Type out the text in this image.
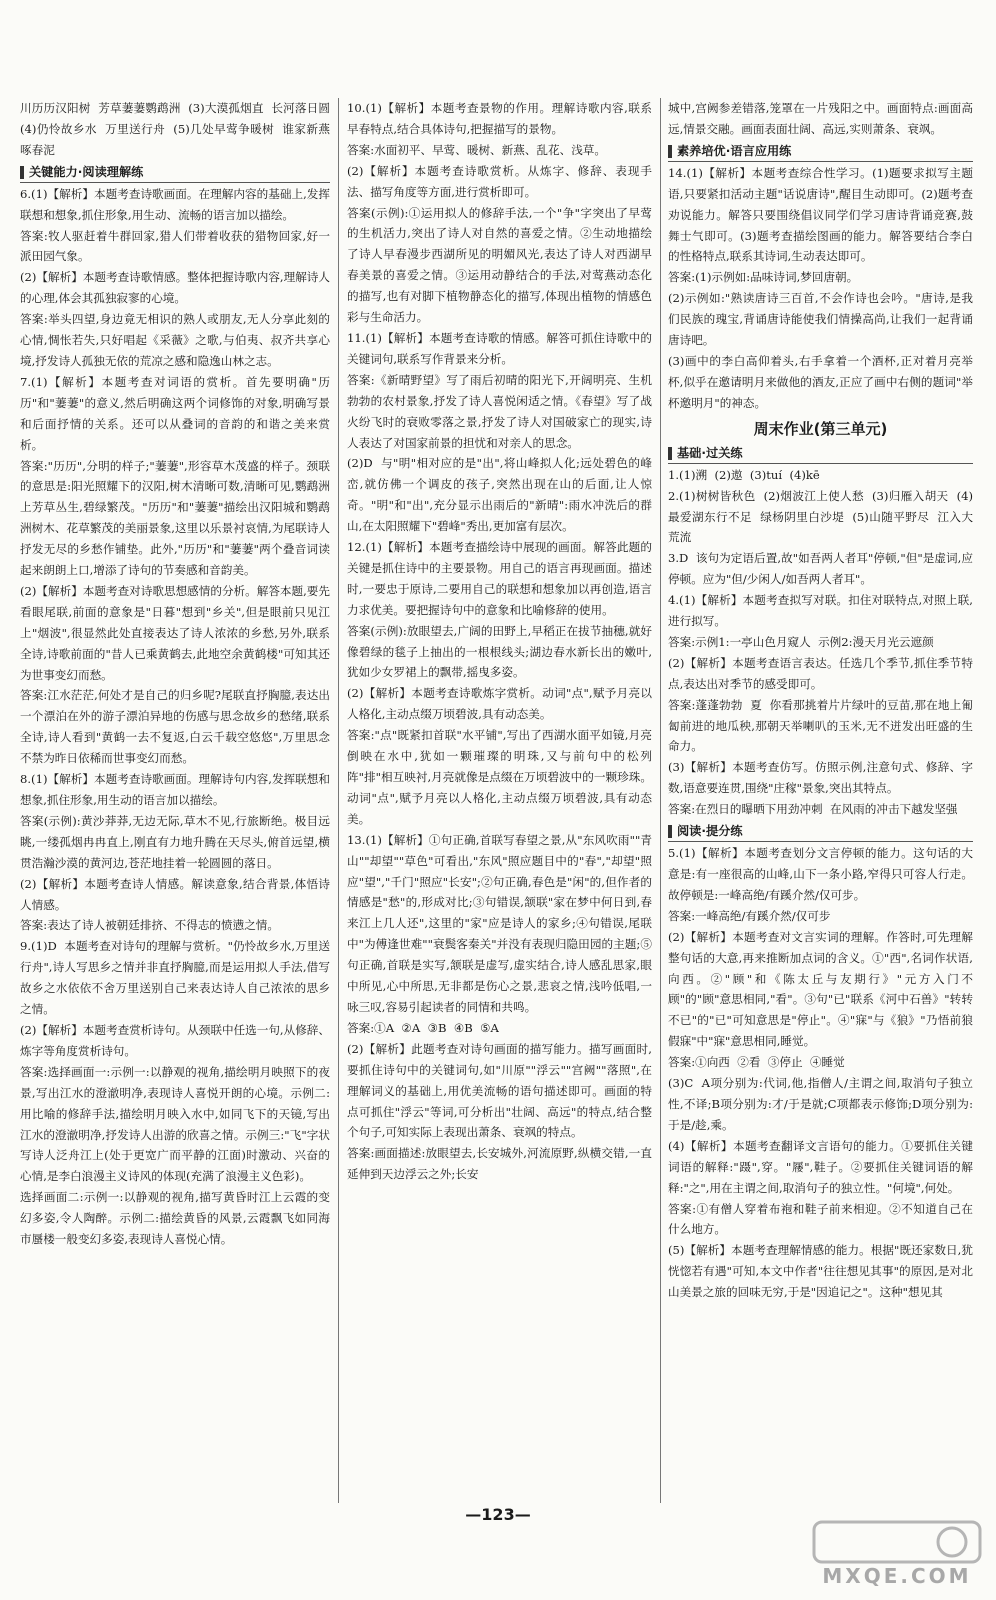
川历历汉阳树  芳草萋萋鹦鹉洲  (3)大漠孤烟直  长河落日圆  (4)仍怜故乡水  万里送行舟  (5)几处早莺争暖树  谁家新燕啄春泥
关键能力·阅读理解练
6.(1)【解析】本题考查诗歌画面。在理解内容的基础上,发挥联想和想象,抓住形象,用生动、流畅的语言加以描绘。
答案:牧人驱赶着牛群回家,猎人们带着收获的猎物回家,好一派田园气象。
(2)【解析】本题考查诗歌情感。整体把握诗歌内容,理解诗人的心理,体会其孤独寂寥的心境。
答案:举头四望,身边竟无相识的熟人或朋友,无人分享此刻的心情,惆怅若失,只好唱起《采薇》之歌,与伯夷、叔齐共享心境,抒发诗人孤独无依的荒凉之感和隐逸山林之志。
7.(1)【解析】本题考查对词语的赏析。首先要明确"历历"和"萋萋"的意义,然后明确这两个词修饰的对象,明确写景和后面抒情的关系。还可以从叠词的音韵的和谐之美来赏析。
答案:"历历",分明的样子;"萋萋",形容草木茂盛的样子。颈联的意思是:阳光照耀下的汉阳,树木清晰可数,清晰可见,鹦鹉洲上芳草丛生,碧绿繁茂。"历历"和"萋萋"描绘出汉阳城和鹦鹉洲树木、花草繁茂的美丽景象,这里以乐景衬哀情,为尾联诗人抒发无尽的乡愁作铺垫。此外,"历历"和"萋萋"两个叠音词读起来朗朗上口,增添了诗句的节奏感和音韵美。
(2)【解析】本题考查对诗歌思想感情的分析。解答本题,要先看眼尾联,前面的意象是"日暮"想到"乡关",但是眼前只见江上"烟波",很显然此处直接表达了诗人浓浓的乡愁,另外,联系全诗,诗歌前面的"昔人已乘黄鹤去,此地空余黄鹤楼"可知其还为世事变幻而愁。
答案:江水茫茫,何处才是自己的归乡呢?尾联直抒胸臆,表达出一个漂泊在外的游子漂泊异地的伤感与思念故乡的愁绪,联系全诗,诗人看到"黄鹤一去不复返,白云千载空悠悠",万里思念不禁为昨日依稀而世事变幻而愁。
8.(1)【解析】本题考查诗歌画面。理解诗句内容,发挥联想和想象,抓住形象,用生动的语言加以描绘。
答案(示例):黄沙莽莽,无边无际,草木不见,行旅断绝。极目远眺,一缕孤烟冉冉直上,刚直有力地升腾在天尽头,俯首远望,横贯浩瀚沙漠的黄河边,苍茫地挂着一轮圆圆的落日。
(2)【解析】本题考查诗人情感。解读意象,结合背景,体悟诗人情感。
答案:表达了诗人被朝廷排挤、不得志的愤懑之情。
9.(1)D  本题考查对诗句的理解与赏析。"仍怜故乡水,万里送行舟",诗人写思乡之情并非直抒胸臆,而是运用拟人手法,借写故乡之水依依不舍万里送别自己来表达诗人自己浓浓的思乡之情。
(2)【解析】本题考查赏析诗句。从颈联中任选一句,从修辞、炼字等角度赏析诗句。
答案:选择画面一:示例一:以静观的视角,描绘明月映照下的夜景,写出江水的澄澈明净,表现诗人喜悦开朗的心境。示例二:用比喻的修辞手法,描绘明月映入水中,如同飞下的天镜,写出江水的澄澈明净,抒发诗人出游的欣喜之情。示例三:"飞"字状写诗人泛舟江上(处于更宽广而平静的江面)时激动、兴奋的心情,是李白浪漫主义诗风的体现(充满了浪漫主义色彩)。
选择画面二:示例一:以静观的视角,描写黄昏时江上云霞的变幻多姿,令人陶醉。示例二:描绘黄昏的风景,云霞飘飞如同海市蜃楼一般变幻多姿,表现诗人喜悦心情。
10.(1)【解析】本题考查景物的作用。理解诗歌内容,联系早春特点,结合具体诗句,把握描写的景物。
答案:水面初平、早莺、暖树、新燕、乱花、浅草。
(2)【解析】本题考查诗歌赏析。从炼字、修辞、表现手法、描写角度等方面,进行赏析即可。
答案(示例):①运用拟人的修辞手法,一个"争"字突出了早莺的生机活力,突出了诗人对自然的喜爱之情。②生动地描绘了诗人早春漫步西湖所见的明媚风光,表达了诗人对西湖早春美景的喜爱之情。③运用动静结合的手法,对莺燕动态化的描写,也有对脚下植物静态化的描写,体现出植物的情感色彩与生命活力。
11.(1)【解析】本题考查诗歌的情感。解答可抓住诗歌中的关键词句,联系写作背景来分析。
答案:《新晴野望》写了雨后初晴的阳光下,开阔明亮、生机勃勃的农村景象,抒发了诗人喜悦闲适之情。《春望》写了战火纷飞时的衰败零落之景,抒发了诗人对国破家亡的现实,诗人表达了对国家前景的担忧和对亲人的思念。
(2)D  与"明"相对应的是"出",将山峰拟人化;远处碧色的峰峦,就仿佛一个调皮的孩子,突然出现在山的后面,让人惊奇。"明"和"出",充分显示出雨后的"新晴":雨水冲洗后的群山,在太阳照耀下"碧峰"秀出,更加富有层次。
12.(1)【解析】本题考查描绘诗中展现的画面。解答此题的关键是抓住诗中的主要景物。用自己的语言再现画面。描述时,一要忠于原诗,二要用自己的联想和想象加以再创造,语言力求优美。要把握诗句中的意象和比喻修辞的使用。
答案(示例):放眼望去,广阔的田野上,早稻正在拔节抽穗,就好像碧绿的毯子上抽出的一根根线头;湖边春水新长出的嫩叶,犹如少女罗裙上的飘带,摇曳多姿。
(2)【解析】本题考查诗歌炼字赏析。动词"点",赋予月亮以人格化,主动点缀万顷碧波,具有动态美。
答案:"点"既紧扣首联"水平铺",写出了西湖水面平如镜,月亮倒映在水中,犹如一颗璀璨的明珠,又与前句中的松列阵"排"相互映衬,月亮就像是点缀在万顷碧波中的一颗珍珠。动词"点",赋予月亮以人格化,主动点缀万顷碧波,具有动态美。
13.(1)【解析】①句正确,首联写春望之景,从"东风吹雨""青山""却望""草色"可看出,"东风"照应题目中的"春","却望"照应"望","千门"照应"长安";②句正确,春色是"闲"的,但作者的情感是"愁"的,形成对比;③句错误,颔联"家在梦中何日到,春来江上几人还",这里的"家"应是诗人的家乡;④句错误,尾联中"为傅逢世难""衰鬓客秦关"并没有表现归隐田园的主题;⑤句正确,首联是实写,颔联是虚写,虚实结合,诗人感乱思家,眼中所见,心中所思,无非都是伤心之景,悲哀之情,浅吟低唱,一咏三叹,容易引起读者的同情和共鸣。
答案:①A  ②A  ③B  ④B  ⑤A
(2)【解析】此题考查对诗句画面的描写能力。描写画面时,要抓住诗句中的关键词句,如"川原""浮云""宫阙""落照",在理解词义的基础上,用优美流畅的语句描述即可。画面的特点可抓住"浮云"等词,可分析出"壮阔、高远"的特点,结合整个句子,可知实际上表现出萧条、衰飒的特点。
答案:画面描述:放眼望去,长安城外,河流原野,纵横交错,一直延伸到天边浮云之外;长安
城中,宫阙参差错落,笼罩在一片残阳之中。画面特点:画面高远,情景交融。画面表面壮阔、高远,实则萧条、衰飒。
素养培优·语言应用练
14.(1)【解析】本题考查综合性学习。(1)题要求拟写主题语,只要紧扣活动主题"话说唐诗",醒目生动即可。(2)题考查劝说能力。解答只要围绕倡议同学们学习唐诗背诵竞赛,鼓舞士气即可。(3)题考查描绘图画的能力。解答要结合李白的性格特点,联系其诗词,生动表达即可。
答案:(1)示例如:品味诗词,梦回唐朝。
(2)示例如:"熟读唐诗三百首,不会作诗也会吟。"唐诗,是我们民族的瑰宝,背诵唐诗能使我们情操高尚,让我们一起背诵唐诗吧。
(3)画中的李白高仰着头,右手拿着一个酒杯,正对着月亮举杯,似乎在邀请明月来做他的酒友,正应了画中右侧的题词"举杯邀明月"的神态。
周末作业(第三单元)
基础·过关练
1.(1)溯  (2)遨  (3)tuí  (4)kē
2.(1)树树皆秋色  (2)烟波江上使人愁  (3)归雁入胡天  (4)最爱湖东行不足  绿杨阴里白沙堤  (5)山随平野尽  江入大荒流
3.D  该句为定语后置,故"如吾两人者耳"停顿,"但"是虚词,应停顿。应为"但/少闲人/如吾两人者耳"。
4.(1)【解析】本题考查拟写对联。扣住对联特点,对照上联,进行拟写。
答案:示例1:一亭山色月窥人  示例2:漫天月光云遮颜
(2)【解析】本题考查语言表达。任选几个季节,抓住季节特点,表达出对季节的感受即可。
答案:蓬蓬勃勃  夏  你看那挑着片片绿叶的豆苗,那在地上匍匐前进的地瓜秧,那朝天举喇叭的玉米,无不迸发出旺盛的生命力。
(3)【解析】本题考查仿写。仿照示例,注意句式、修辞、字数,语意要连贯,围绕"庄稼"景象,突出其特点。
答案:在烈日的曝晒下用劲冲刺  在风雨的冲击下越发坚强
阅读·提分练
5.(1)【解析】本题考查划分文言停顿的能力。这句话的大意是:有一座很高的山峰,山下一条小路,窄得只可容人行走。故停顿是:一峰高绝/有蹊介然/仅可步。
答案:一峰高绝/有蹊介然/仅可步
(2)【解析】本题考查对文言实词的理解。作答时,可先理解整句话的大意,再来推断加点词的含义。①"西",名词作状语,向西。②"顾"和《陈太丘与友期行》"元方入门不顾"的"顾"意思相同,"看"。③句"已"联系《河中石兽》"转转不已"的"已"可知意思是"停止"。④"寐"与《狼》"乃悟前狼假寐"中"寐"意思相同,睡觉。
答案:①向西  ②看  ③停止  ④睡觉
(3)C  A项分别为:代词,他,指僧人/主谓之间,取消句子独立性,不译;B项分别为:才/于是就;C项都表示修饰;D项分别为:于是/趁,乘。
(4)【解析】本题考查翻译文言语句的能力。①要抓住关键词语的解释:"蹑",穿。"屦",鞋子。②要抓住关键词语的解释:"之",用在主谓之间,取消句子的独立性。"何境",何处。
答案:①有僧人穿着布袍和鞋子前来相迎。②不知道自己在什么地方。
(5)【解析】本题考查理解情感的能力。根据"既还家数日,犹恍惚若有遇"可知,本文中作者"往往想见其事"的原因,是对北山美景之旅的回味无穷,于是"因追记之"。这种"想见其
—123—
MXQE.COM
